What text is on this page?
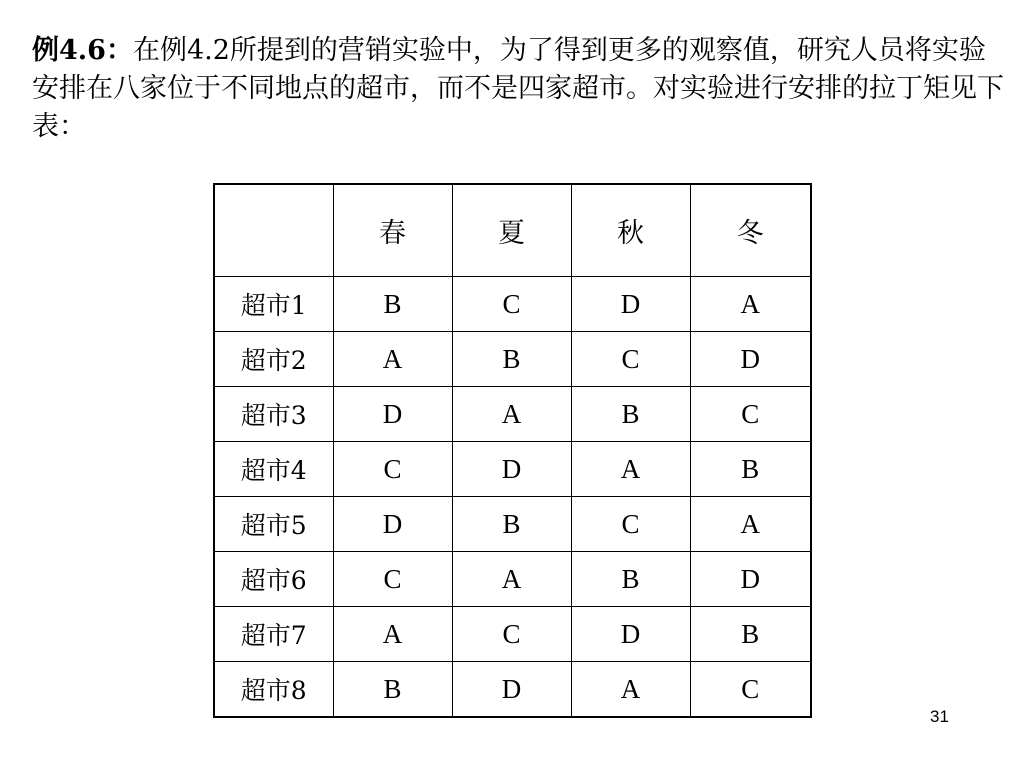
例4.6：在例4.2所提到的营销实验中，为了得到更多的观察值，研究人员将实验安排在八家位于不同地点的超市，而不是四家超市。对实验进行安排的拉丁矩见下表：

	春	夏	秋	冬
超市1	B	C	D	A
超市2	A	B	C	D
超市3	D	A	B	C
超市4	C	D	A	B
超市5	D	B	C	A
超市6	C	A	B	D
超市7	A	C	D	B
超市8	B	D	A	C
31
